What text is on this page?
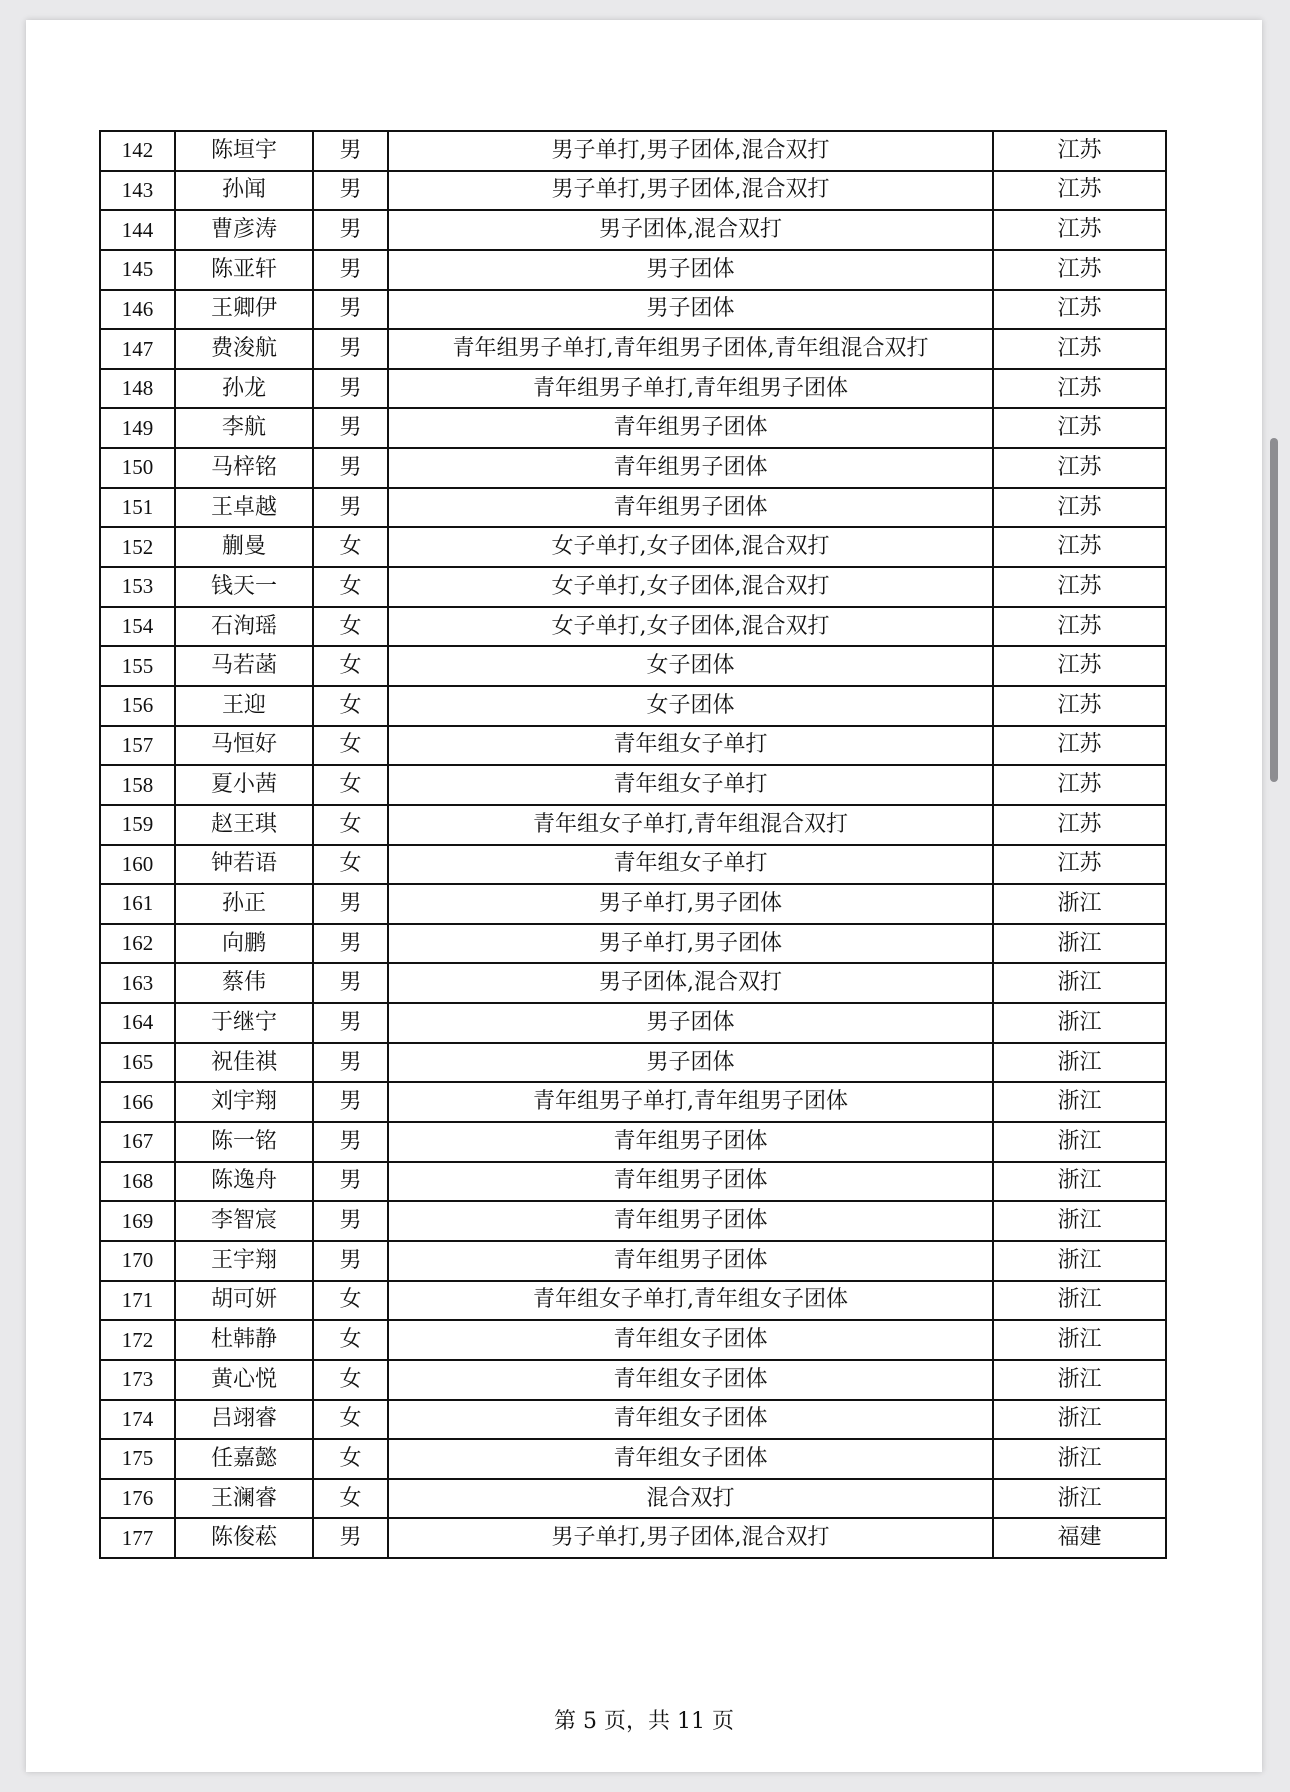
142	陈垣宇	男	男子单打,男子团体,混合双打	江苏
143	孙闻	男	男子单打,男子团体,混合双打	江苏
144	曹彦涛	男	男子团体,混合双打	江苏
145	陈亚轩	男	男子团体	江苏
146	王卿伊	男	男子团体	江苏
147	费浚航	男	青年组男子单打,青年组男子团体,青年组混合双打	江苏
148	孙龙	男	青年组男子单打,青年组男子团体	江苏
149	李航	男	青年组男子团体	江苏
150	马梓铭	男	青年组男子团体	江苏
151	王卓越	男	青年组男子团体	江苏
152	蒯曼	女	女子单打,女子团体,混合双打	江苏
153	钱天一	女	女子单打,女子团体,混合双打	江苏
154	石洵瑶	女	女子单打,女子团体,混合双打	江苏
155	马若菡	女	女子团体	江苏
156	王迎	女	女子团体	江苏
157	马恒好	女	青年组女子单打	江苏
158	夏小茜	女	青年组女子单打	江苏
159	赵王琪	女	青年组女子单打,青年组混合双打	江苏
160	钟若语	女	青年组女子单打	江苏
161	孙正	男	男子单打,男子团体	浙江
162	向鹏	男	男子单打,男子团体	浙江
163	蔡伟	男	男子团体,混合双打	浙江
164	于继宁	男	男子团体	浙江
165	祝佳祺	男	男子团体	浙江
166	刘宇翔	男	青年组男子单打,青年组男子团体	浙江
167	陈一铭	男	青年组男子团体	浙江
168	陈逸舟	男	青年组男子团体	浙江
169	李智宸	男	青年组男子团体	浙江
170	王宇翔	男	青年组男子团体	浙江
171	胡可妍	女	青年组女子单打,青年组女子团体	浙江
172	杜韩静	女	青年组女子团体	浙江
173	黄心悦	女	青年组女子团体	浙江
174	吕翊睿	女	青年组女子团体	浙江
175	任嘉懿	女	青年组女子团体	浙江
176	王澜睿	女	混合双打	浙江
177	陈俊菘	男	男子单打,男子团体,混合双打	福建
第 5 页，共 11 页
